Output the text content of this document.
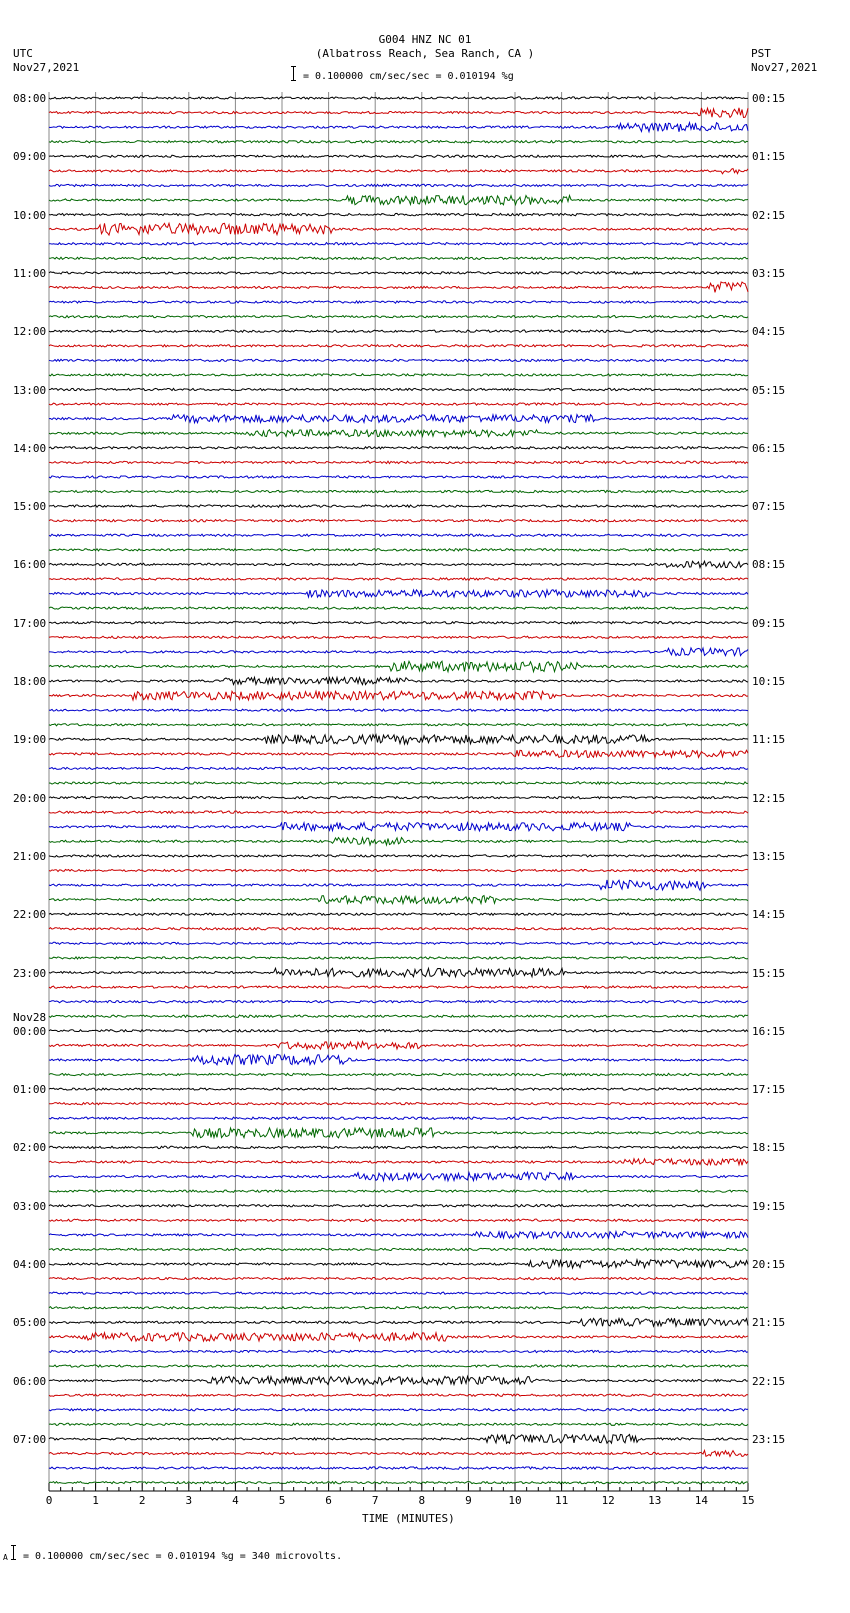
G004 HNZ NC 01
(Albatross Reach, Sea Ranch, CA )
= 0.100000 cm/sec/sec = 0.010194 %g
UTC
Nov27,2021
PST
Nov27,2021
0	1	2	3	4	5	6	7	8	9	10	11	12	13	14	15
08:00	00:15
09:00	01:15
10:00	02:15
11:00	03:15
12:00	04:15
13:00	05:15
14:00	06:15
15:00	07:15
16:00	08:15
17:00	09:15
18:00	10:15
19:00	11:15
20:00	12:15
21:00	13:15
22:00	14:15
23:00	15:15
00:00	16:15
01:00	17:15
02:00	18:15
03:00	19:15
04:00	20:15
05:00	21:15
06:00	22:15
07:00	23:15
Nov28
TIME (MINUTES)
A = 0.100000 cm/sec/sec = 0.010194 %g = 340 microvolts.
